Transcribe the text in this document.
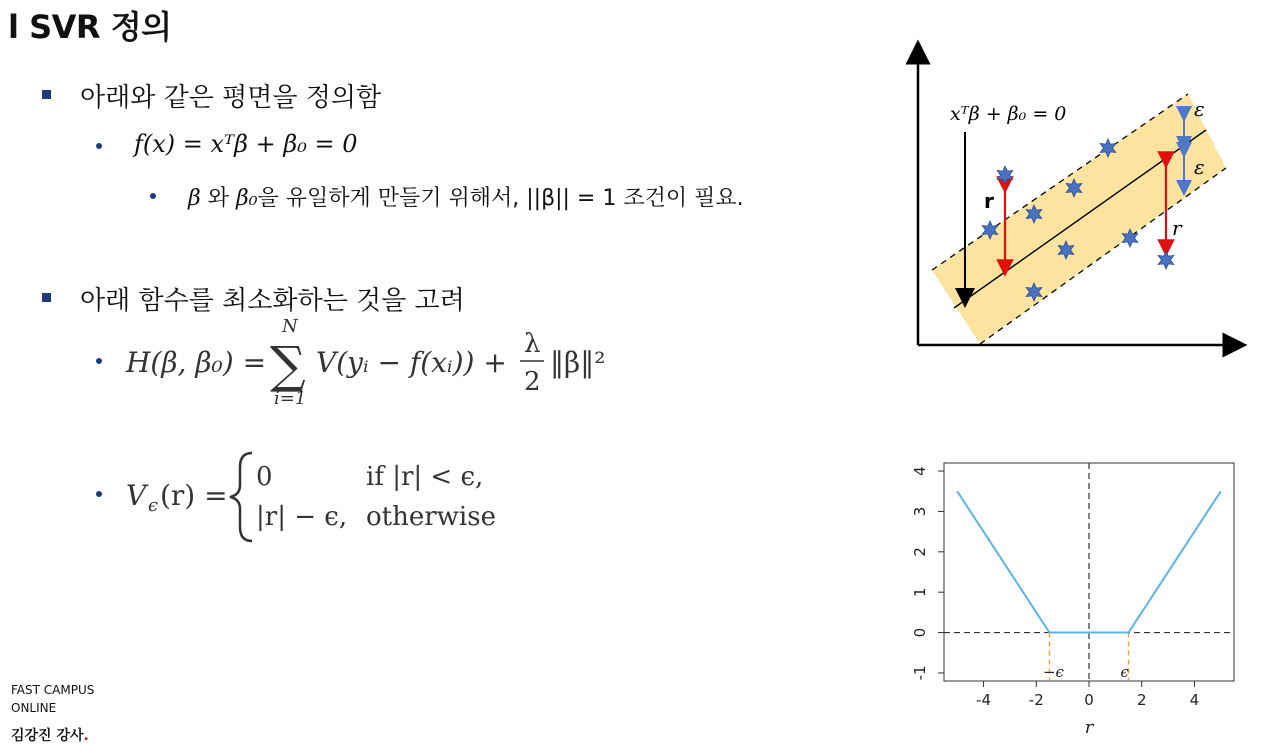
l SVR 정의
아래와 같은 평면을 정의함
f(x) = xᵀβ + β₀ = 0
β 와 β₀을 유일하게 만들기 위해서, ||β|| = 1 조건이 필요.
아래 함수를 최소화하는 것을 고려
H(β, β₀) =
N
∑
i=1
V(yᵢ − f(xᵢ)) +
λ
2
‖β‖²
V ϵ (r) =
0	if |r| < ϵ,
|r| − ϵ, otherwise
xᵀβ + β₀ = 0	ε
ε
r
r
-4	-2	0	2	4
-1
0
1
2
3
4
−ϵ	ϵ
r
FAST CAMPUS
ONLINE
김강진 강사.
